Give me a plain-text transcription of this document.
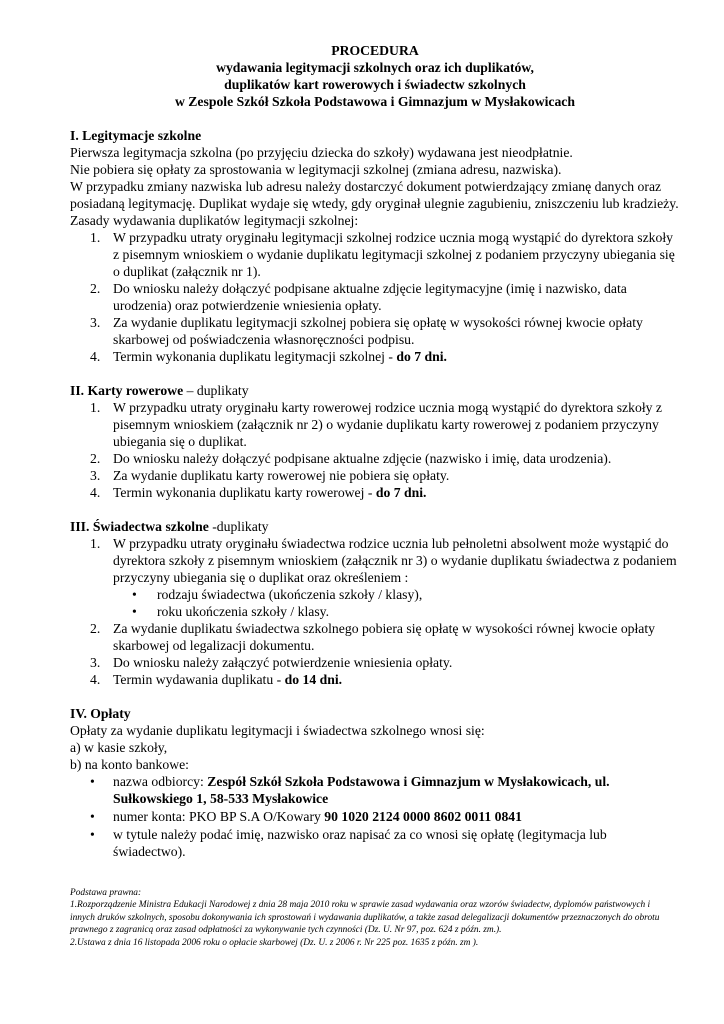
PROCEDURA
wydawania legitymacji szkolnych oraz ich duplikatów,
duplikatów kart rowerowych i świadectw szkolnych
w Zespole Szkół Szkoła Podstawowa i Gimnazjum w Mysłakowicach
I. Legitymacje szkolne

Pierwsza legitymacja szkolna (po przyjęciu dziecka do szkoły) wydawana jest nieodpłatnie.

Nie pobiera się opłaty za sprostowania w legitymacji szkolnej (zmiana adresu, nazwiska).

W przypadku zmiany nazwiska lub adresu należy dostarczyć dokument potwierdzający zmianę danych oraz posiadaną legitymację. Duplikat wydaje się wtedy, gdy oryginał ulegnie zagubieniu, zniszczeniu lub kradzieży.

Zasady wydawania duplikatów legitymacji szkolnej:

1. W przypadku utraty oryginału legitymacji szkolnej rodzice ucznia mogą wystąpić do dyrektora szkoły z pisemnym wnioskiem o wydanie duplikatu legitymacji szkolnej z podaniem przyczyny ubiegania się o duplikat (załącznik nr 1).
2. Do wniosku należy dołączyć podpisane aktualne zdjęcie legitymacyjne (imię i nazwisko, data urodzenia) oraz potwierdzenie wniesienia opłaty.
3. Za wydanie duplikatu legitymacji szkolnej pobiera się opłatę w wysokości równej kwocie opłaty skarbowej od poświadczenia własnoręczności podpisu.
4. Termin wykonania duplikatu legitymacji szkolnej - do 7 dni.
II. Karty rowerowe – duplikaty
1. W przypadku utraty oryginału karty rowerowej rodzice ucznia mogą wystąpić do dyrektora szkoły z pisemnym wnioskiem (załącznik nr 2) o wydanie duplikatu karty rowerowej z podaniem przyczyny ubiegania się o duplikat.
2. Do wniosku należy dołączyć podpisane aktualne zdjęcie (nazwisko i imię, data urodzenia).
3. Za wydanie duplikatu karty rowerowej nie pobiera się opłaty.
4. Termin wykonania duplikatu karty rowerowej - do 7 dni.
III. Świadectwa szkolne -duplikaty
1. W przypadku utraty oryginału świadectwa rodzice ucznia lub pełnoletni absolwent może wystąpić do dyrektora szkoły z pisemnym wnioskiem (załącznik nr 3) o wydanie duplikatu świadectwa z podaniem przyczyny ubiegania się o duplikat oraz określeniem :
• rodzaju świadectwa (ukończenia szkoły / klasy),
• roku ukończenia szkoły / klasy.
2. Za wydanie duplikatu świadectwa szkolnego pobiera się opłatę w wysokości równej kwocie opłaty skarbowej od legalizacji dokumentu.
3. Do wniosku należy załączyć potwierdzenie wniesienia opłaty.
4. Termin wydawania duplikatu - do 14 dni.
IV. Opłaty

Opłaty za wydanie duplikatu legitymacji i świadectwa szkolnego wnosi się:

a) w kasie szkoły,

b) na konto bankowe:

• nazwa odbiorcy: Zespół Szkół Szkoła Podstawowa i Gimnazjum w Mysłakowicach, ul. Sułkowskiego 1, 58-533 Mysłakowice
• numer konta: PKO BP S.A O/Kowary 90 1020 2124 0000 8602 0011 0841
• w tytule należy podać imię, nazwisko oraz napisać za co wnosi się opłatę (legitymacja lub świadectwo).

Podstawa prawna:

1.Rozporządzenie Ministra Edukacji Narodowej z dnia 28 maja 2010 roku w sprawie zasad wydawania oraz wzorów świadectw, dyplomów państwowych i innych druków szkolnych, sposobu dokonywania ich sprostowań i wydawania duplikatów, a także zasad delegalizacji dokumentów przeznaczonych do obrotu prawnego z zagranicą oraz zasad odpłatności za wykonywanie tych czynności (Dz. U. Nr 97, poz. 624 z późn. zm.).

2.Ustawa z dnia 16 listopada 2006 roku o opłacie skarbowej (Dz. U. z 2006 r. Nr 225 poz. 1635 z późn. zm ).
